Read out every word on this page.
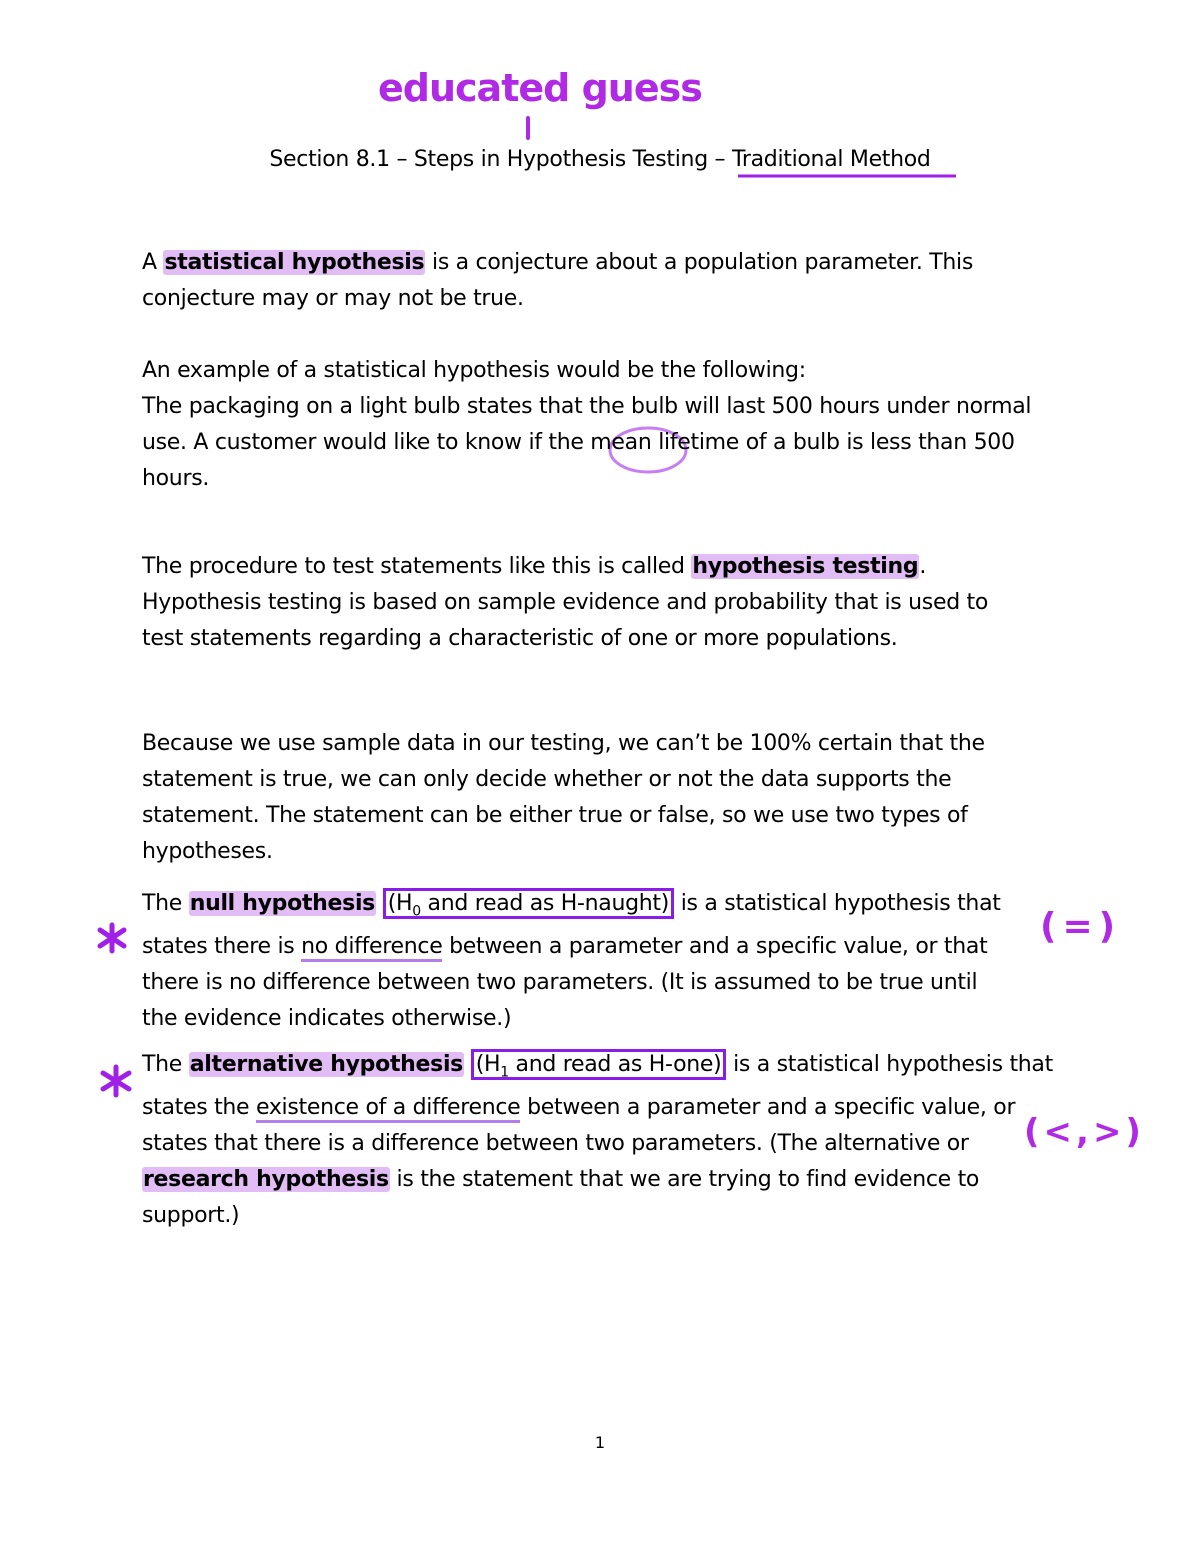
educated guess
(=)
(<,>)
Section 8.1 – Steps in Hypothesis Testing – Traditional Method
A statistical hypothesis is a conjecture about a population parameter. This
conjecture may or may not be true.
An example of a statistical hypothesis would be the following:
The packaging on a light bulb states that the bulb will last 500 hours under normal
use. A customer would like to know if the mean lifetime of a bulb is less than 500
hours.
The procedure to test statements like this is called hypothesis testing.
Hypothesis testing is based on sample evidence and probability that is used to
test statements regarding a characteristic of one or more populations.
Because we use sample data in our testing, we can’t be 100% certain that the
statement is true, we can only decide whether or not the data supports the
statement. The statement can be either true or false, so we use two types of
hypotheses.
The null hypothesis ($H_0$ and read as H-naught) is a statistical hypothesis that
states there is no difference between a parameter and a specific value, or that
there is no difference between two parameters. (It is assumed to be true until
the evidence indicates otherwise.)
The alternative hypothesis ($H_1$ and read as H-one) is a statistical hypothesis that
states the existence of a difference between a parameter and a specific value, or
states that there is a difference between two parameters. (The alternative or
research hypothesis is the statement that we are trying to find evidence to
support.)
1
